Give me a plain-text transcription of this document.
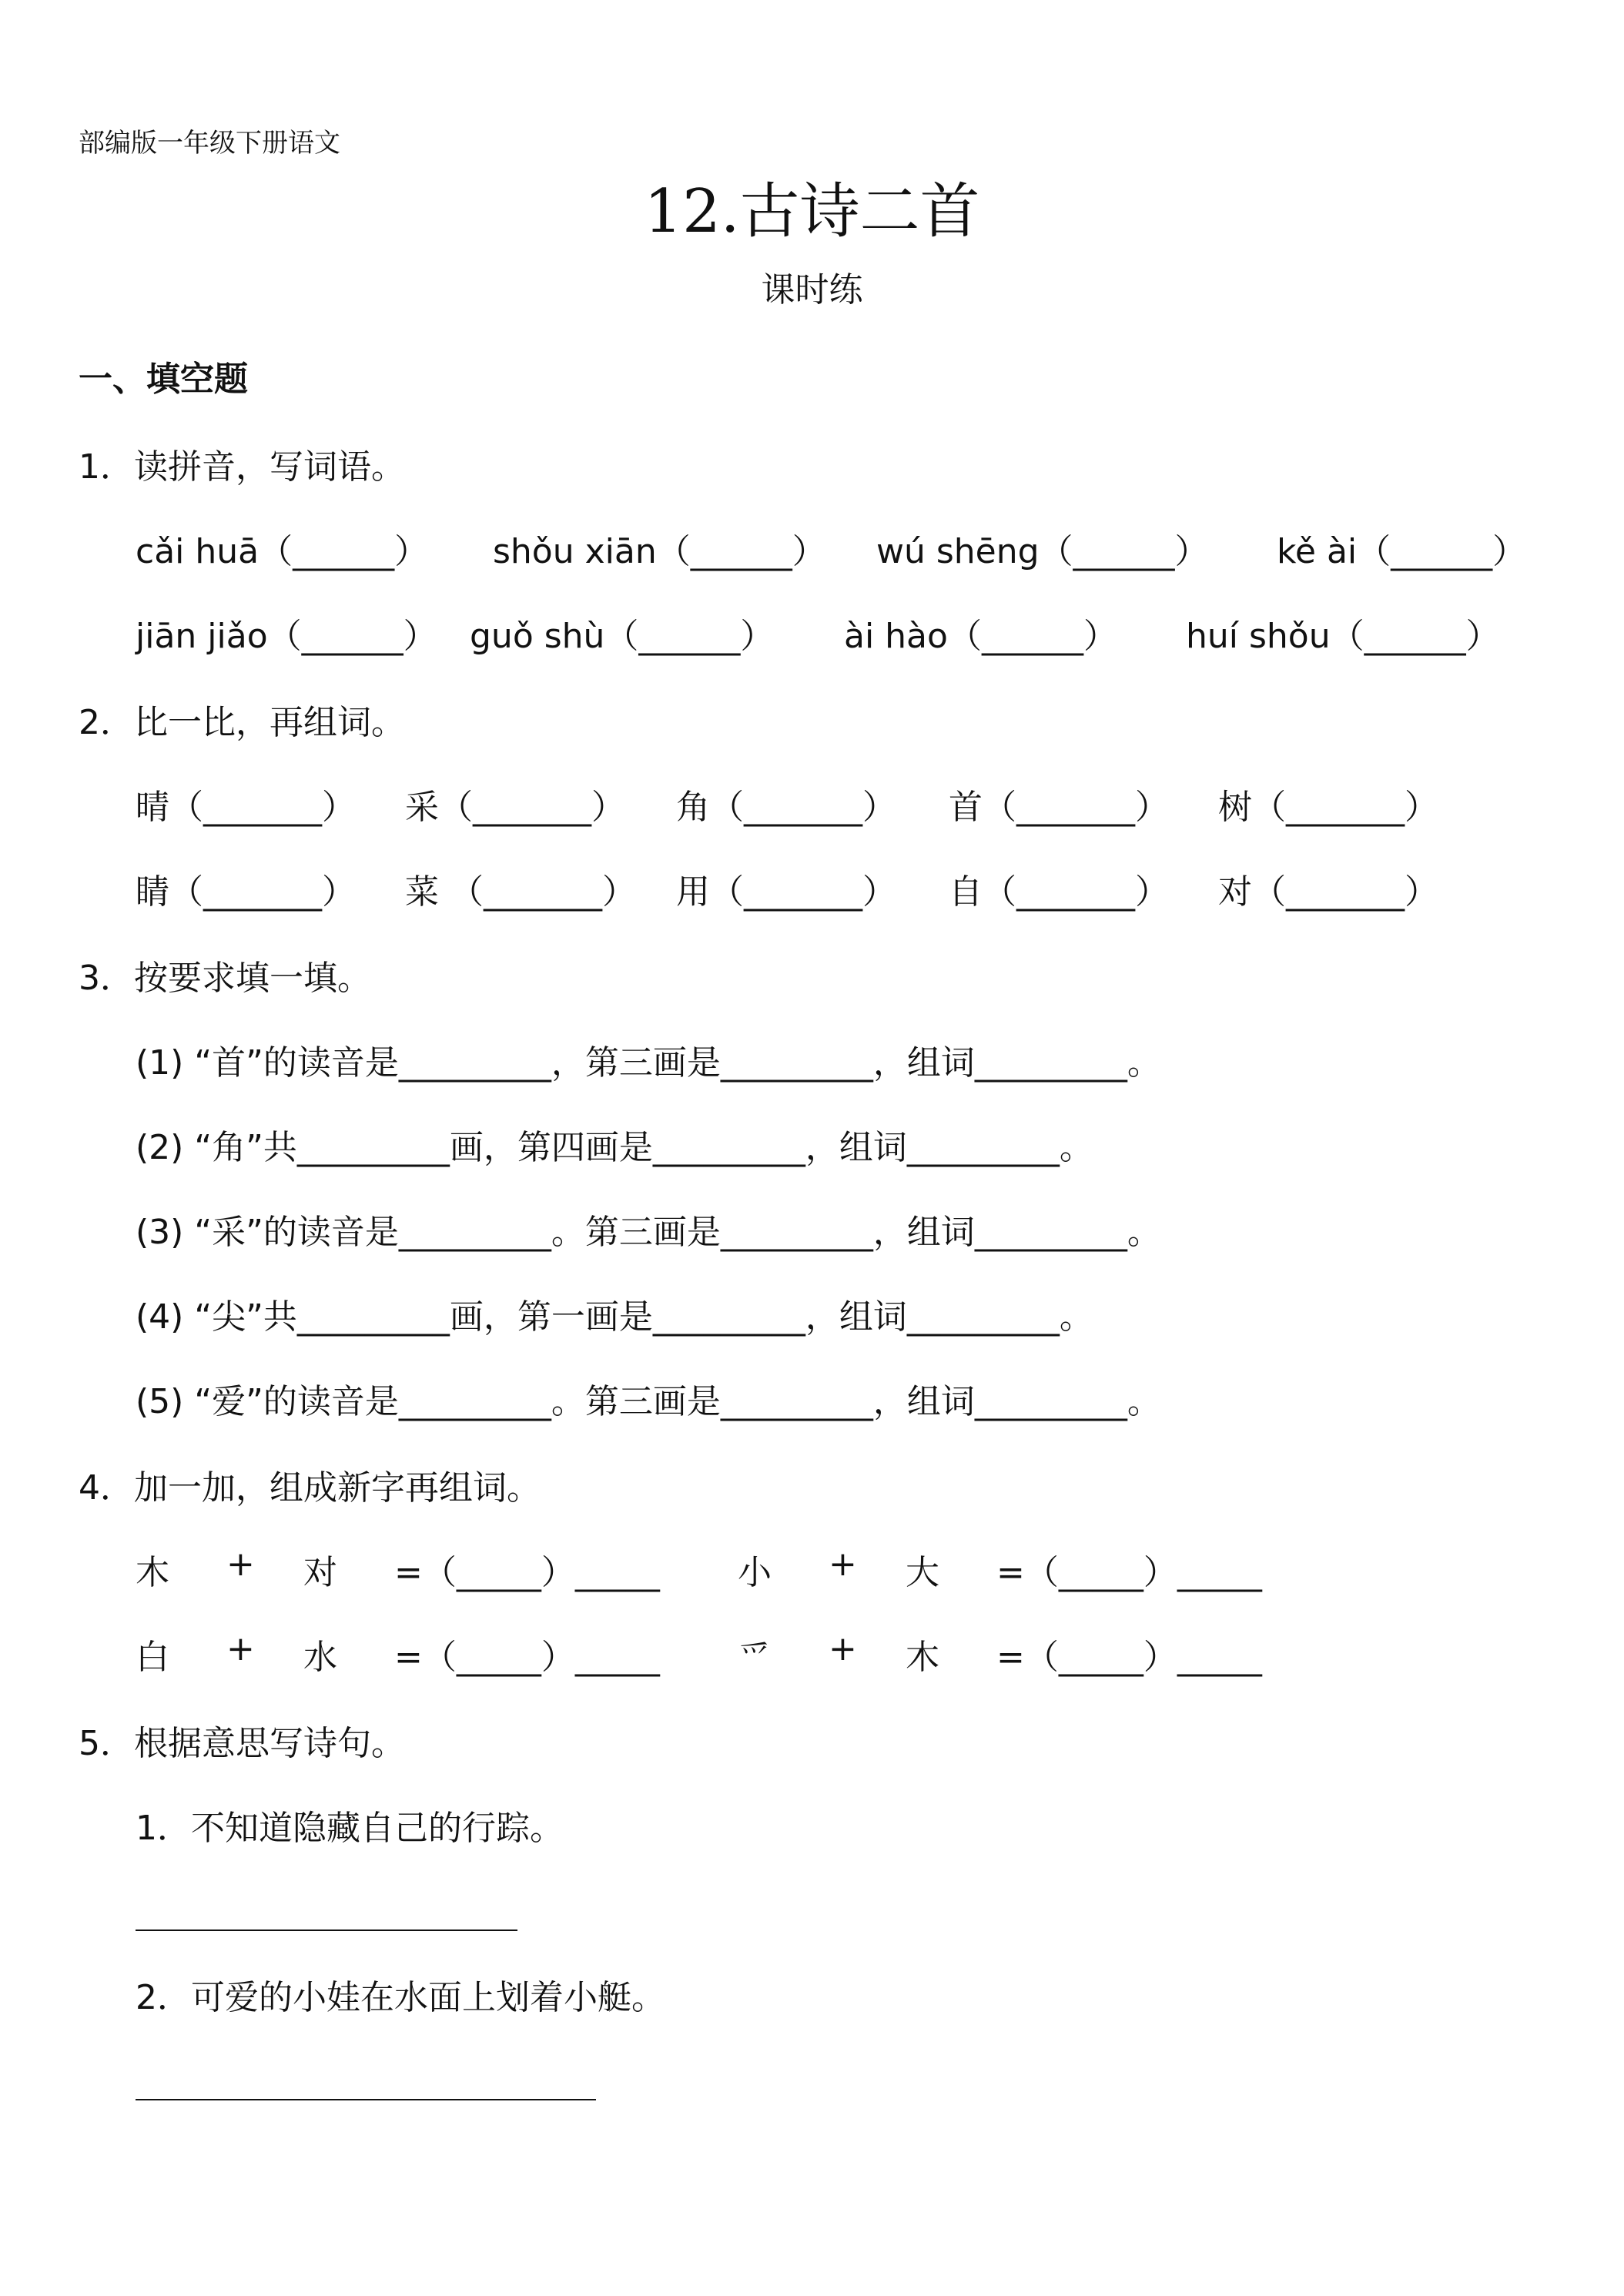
部编版一年级下册语文
12.古诗二首
课时练
一、填空题
1．读拼音，写词语。
cǎi huā（______） shǒu xiān（______） wú shēng（______） kě ài（______）
jiān jiǎo（______） guǒ shù（______） ài hào（______） huí shǒu（______）
2．比一比，再组词。
晴（_______） 采（_______） 角（_______） 首（_______） 树（_______）
睛（_______） 菜 （_______） 用（_______） 自（_______） 对（_______）
3．按要求填一填。
(1) “首”的读音是_________，第三画是_________，组词_________。
(2) “角”共_________画，第四画是_________，组词_________。
(3) “采”的读音是_________。第三画是_________，组词_________。
(4) “尖”共_________画，第一画是_________，组词_________。
(5) “爱”的读音是_________。第三画是_________，组词_________。
4．加一加，组成新字再组词。
木 + 对 =（_____）_____ 小 + 大 =（_____）_____
白 + 水 =（_____）_____ 爫 + 木 =（_____）_____
5．根据意思写诗句。
1．不知道隐藏自己的行踪。
2．可爱的小娃在水面上划着小艇。
